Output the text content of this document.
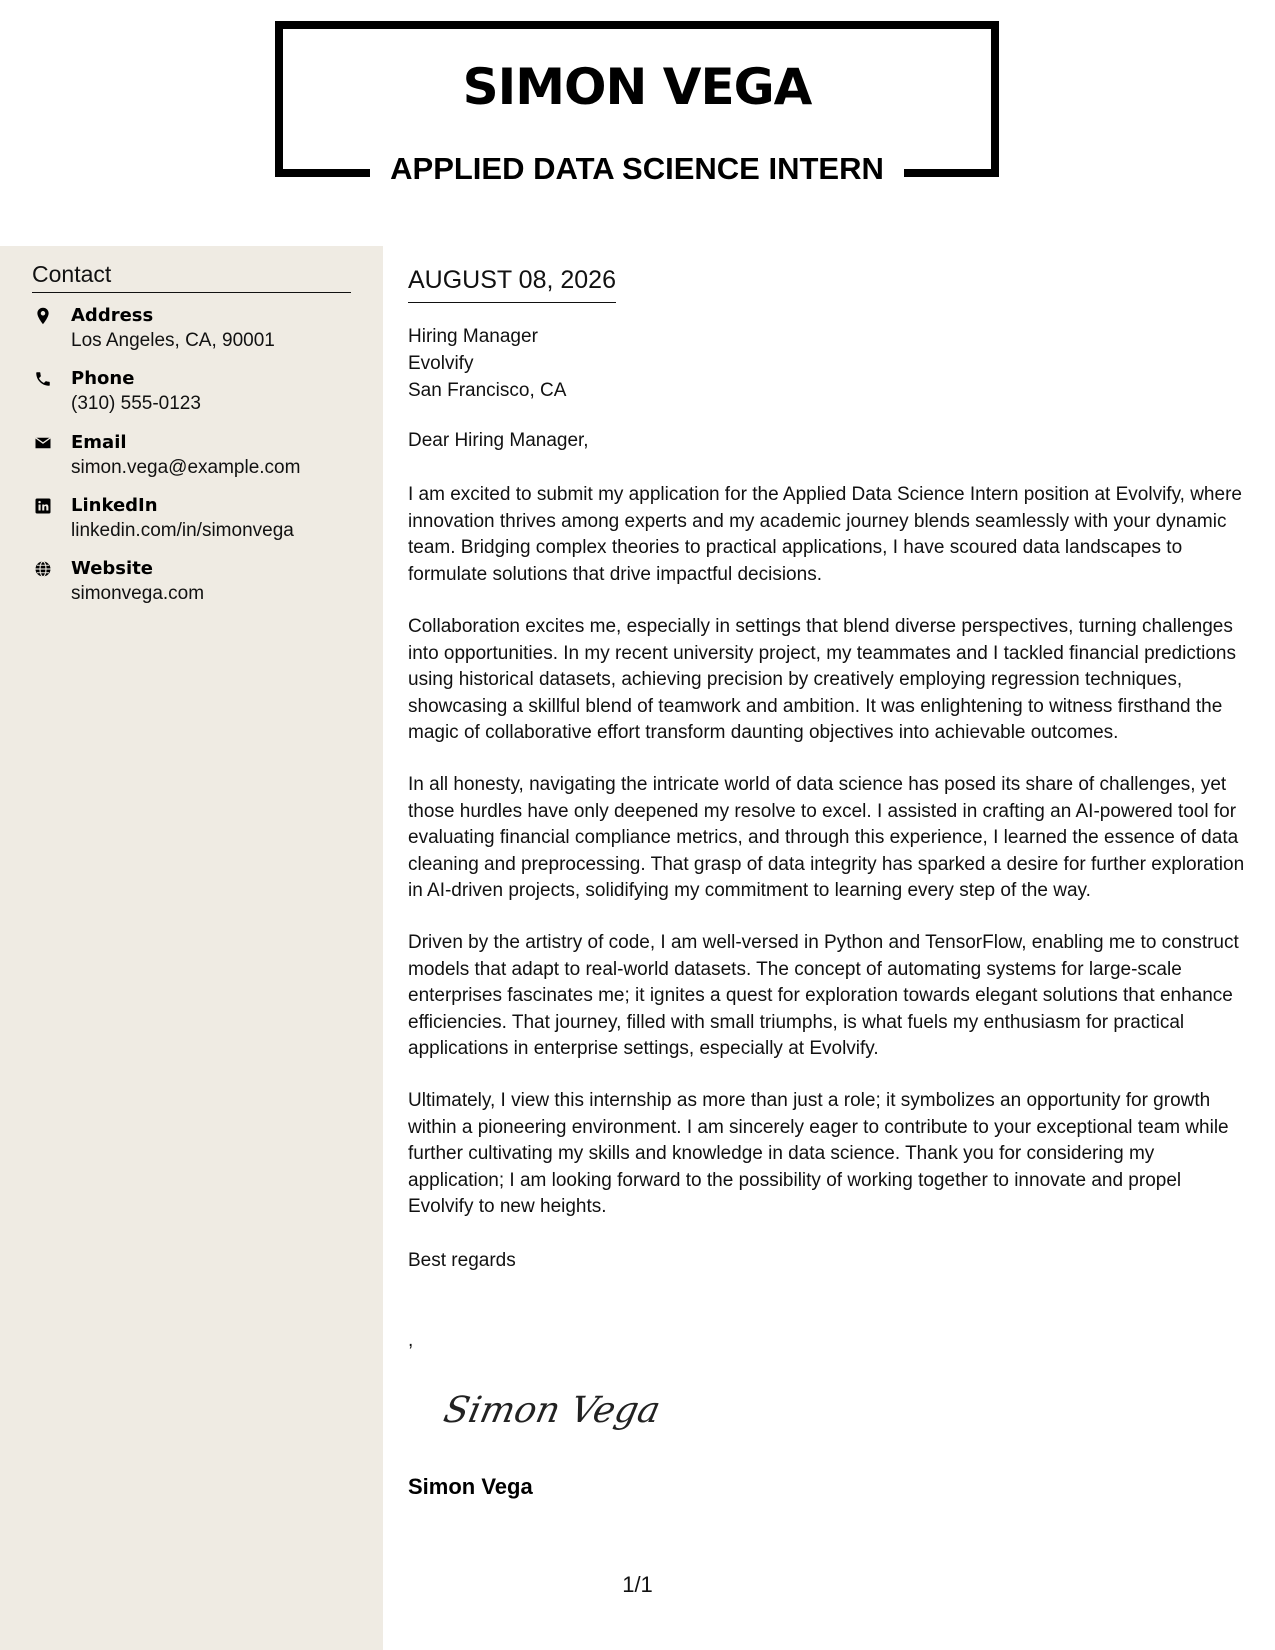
SIMON VEGA
APPLIED DATA SCIENCE INTERN
Contact
Address
Los Angeles, CA, 90001
Phone
(310) 555-0123
Email
simon.vega@example.com
LinkedIn
linkedin.com/in/simonvega
Website
simonvega.com
AUGUST 08, 2026
Hiring Manager
Evolvify
San Francisco, CA
Dear Hiring Manager,

I am excited to submit my application for the Applied Data Science Intern position at Evolvify, where innovation thrives among experts and my academic journey blends seamlessly with your dynamic team. Bridging complex theories to practical applications, I have scoured data landscapes to formulate solutions that drive impactful decisions.

Collaboration excites me, especially in settings that blend diverse perspectives, turning challenges into opportunities. In my recent university project, my teammates and I tackled financial predictions using historical datasets, achieving precision by creatively employing regression techniques, showcasing a skillful blend of teamwork and ambition. It was enlightening to witness firsthand the magic of collaborative effort transform daunting objectives into achievable outcomes.

In all honesty, navigating the intricate world of data science has posed its share of challenges, yet those hurdles have only deepened my resolve to excel. I assisted in crafting an AI-powered tool for evaluating financial compliance metrics, and through this experience, I learned the essence of data cleaning and preprocessing. That grasp of data integrity has sparked a desire for further exploration in AI-driven projects, solidifying my commitment to learning every step of the way.

Driven by the artistry of code, I am well-versed in Python and TensorFlow, enabling me to construct models that adapt to real-world datasets. The concept of automating systems for large-scale enterprises fascinates me; it ignites a quest for exploration towards elegant solutions that enhance efficiencies. That journey, filled with small triumphs, is what fuels my enthusiasm for practical applications in enterprise settings, especially at Evolvify.

Ultimately, I view this internship as more than just a role; it symbolizes an opportunity for growth within a pioneering environment. I am sincerely eager to contribute to your exceptional team while further cultivating my skills and knowledge in data science. Thank you for considering my application; I am looking forward to the possibility of working together to innovate and propel Evolvify to new heights.

Best regards
,
Simon Vega
Simon Vega
1/1
